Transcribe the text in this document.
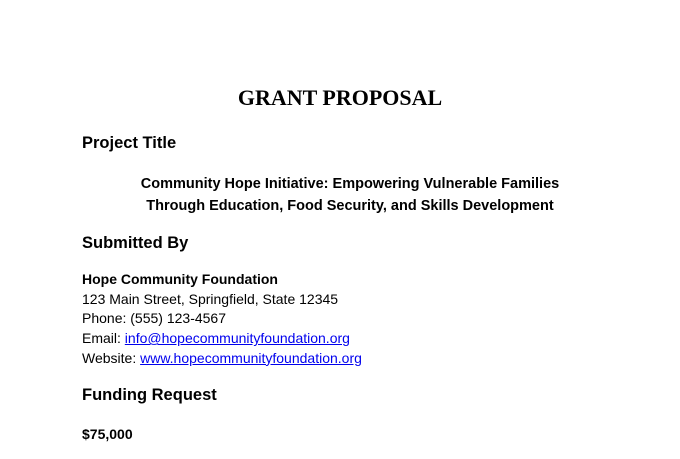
GRANT PROPOSAL
Project Title

Community Hope Initiative: Empowering Vulnerable Families
Through Education, Food Security, and Skills Development

Submitted By
Hope Community Foundation
123 Main Street, Springfield, State 12345
Phone: (555) 123-4567
Email: info@hopecommunityfoundation.org
Website: www.hopecommunityfoundation.org
Funding Request

$75,000
